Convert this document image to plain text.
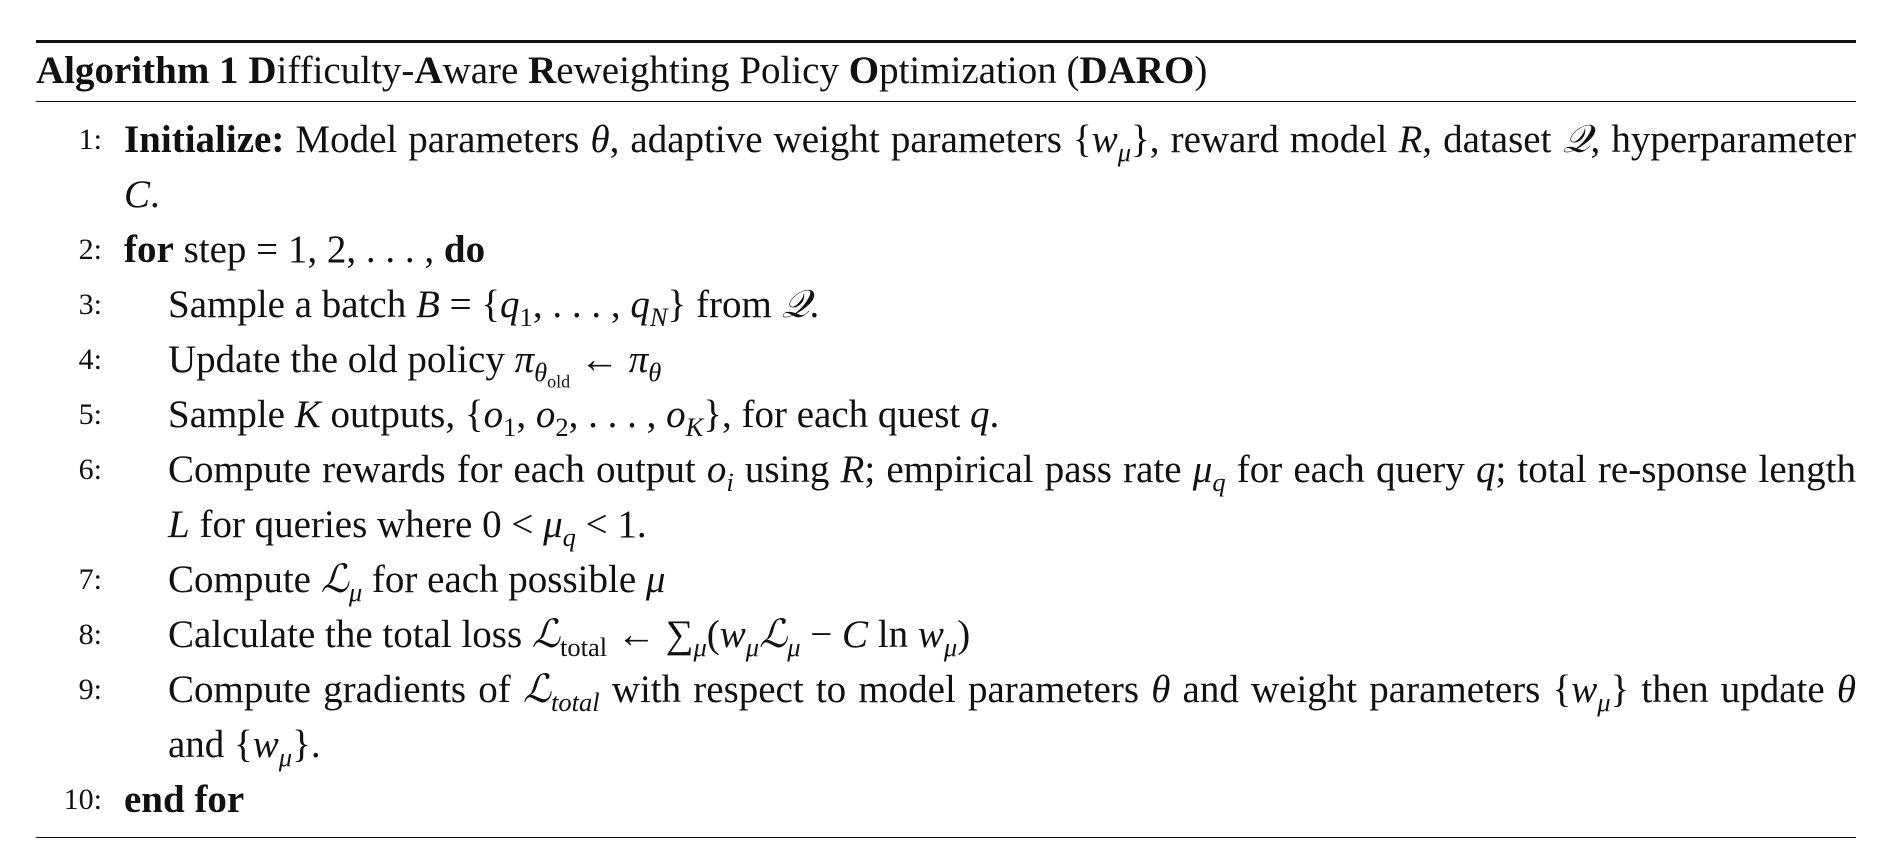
Algorithm 1 Difficulty-Aware Reweighting Policy Optimization (DARO)
1: Initialize: Model parameters θ, adaptive weight parameters $\{w_\mu\}$, reward model R, dataset 𝒬, hyperparameter C.
2: for step = 1, 2, . . . , do
3:	Sample a batch $B = \{q_1$, . . . , $q_N$} from 𝒬.
4:	Update the old policy $\pi_{\theta_{old}}$ ← $\pi_\theta$
5:	Sample K outputs, {$o_1$, $o_2$, . . . , $o_K$}, for each quest q.
6:	Compute rewards for each output $o_i$ using R; empirical pass rate $\mu_q$ for each query q; total re-sponse length L for queries where $0 < \mu_q < 1$.
7:	Compute ℒ$_\mu$ for each possible μ
8:	Calculate the total loss ℒ$_{total}$ ← $\sum_\mu(w_\mu ℒ_\mu - C$ $\ln w_\mu$)
9:	Compute gradients of ℒ$_{total}$ with respect to model parameters θ and weight parameters $\{w_\mu\}$ then update θ and $\{w_\mu\}$.
10: end for
